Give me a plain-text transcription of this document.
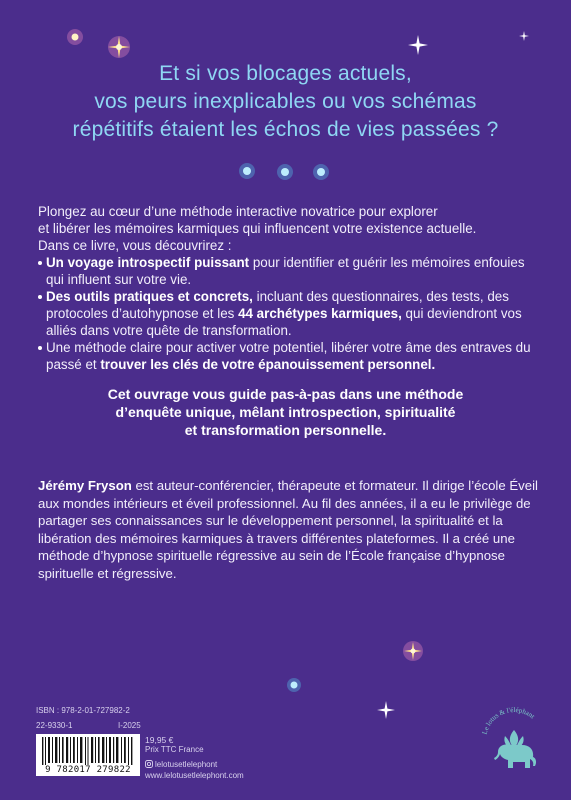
Et si vos blocages actuels,
vos peurs inexplicables ou vos schémas
répétitifs étaient les échos de vies passées ?

Plongez au cœur d’une méthode interactive novatrice pour explorer

et libérer les mémoires karmiques qui influencent votre existence actuelle.

Dans ce livre, vous découvrirez :

Un voyage introspectif puissant pour identifier et guérir les mémoires enfouies qui influent sur votre vie.

Des outils pratiques et concrets, incluant des questionnaires, des tests, des protocoles d’autohypnose et les 44 archétypes karmiques, qui deviendront vos alliés dans votre quête de transformation.

Une méthode claire pour activer votre potentiel, libérer votre âme des entraves du passé et trouver les clés de votre épanouissement personnel.

Cet ouvrage vous guide pas-à-pas dans une méthode
d’enquête unique, mêlant introspection, spiritualité
et transformation personnelle.
Jérémy Fryson est auteur-conférencier, thérapeute et formateur. Il dirige l’école Éveil aux mondes intérieurs et éveil professionnel. Au fil des années, il a eu le privilège de partager ses connaissances sur le développement personnel, la spiritualité et la libération des mémoires karmiques à travers différentes plateformes. Il a créé une méthode d’hypnose spirituelle régressive au sein de l’École française d’hypnose spirituelle et régressive.
ISBN : 978-2-01-727982-2
22-9330-1	I-2025
9 782017 279822
19,95 €
Prix TTC France
lelotusetlelephont
www.lelotusetlelephont.com
Le lotus & l'éléphant
